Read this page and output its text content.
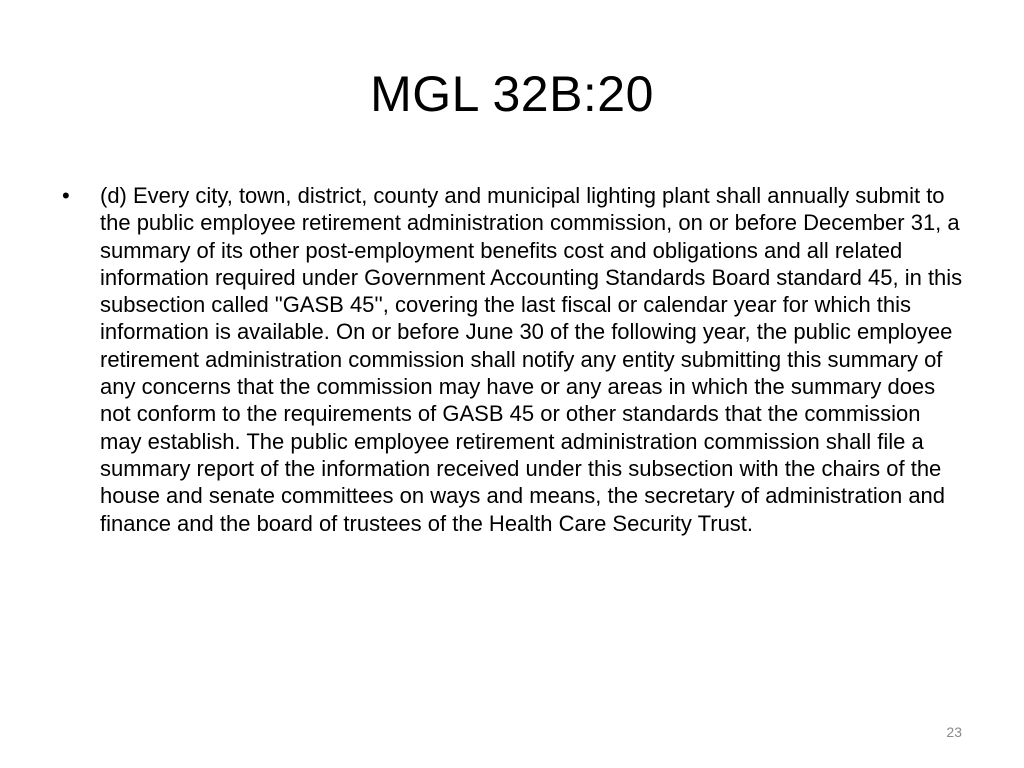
MGL 32B:20
• (d) Every city, town, district, county and municipal lighting plant shall annually submit to the public employee retirement administration commission, on or before December 31, a summary of its other post-employment benefits cost and obligations and all related information required under Government Accounting Standards Board standard 45, in this subsection called "GASB 45'', covering the last fiscal or calendar year for which this information is available. On or before June 30 of the following year, the public employee retirement administration commission shall notify any entity submitting this summary of any concerns that the commission may have or any areas in which the summary does not conform to the requirements of GASB 45 or other standards that the commission may establish. The public employee retirement administration commission shall file a summary report of the information received under this subsection with the chairs of the house and senate committees on ways and means, the secretary of administration and finance and the board of trustees of the Health Care Security Trust.
23
